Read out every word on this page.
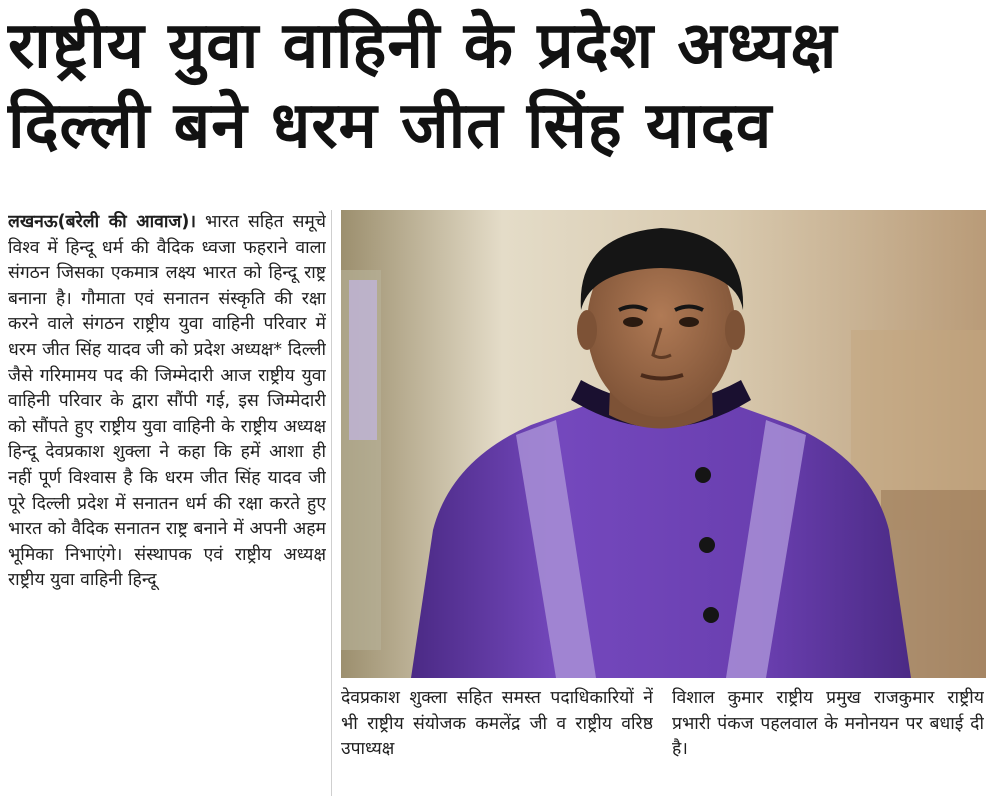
राष्ट्रीय युवा वाहिनी के प्रदेश अध्यक्ष
दिल्ली बने धरम जीत सिंह यादव
लखनऊ(बरेली की आवाज)। भारत सहित समूचे विश्व में हिन्दू धर्म की वैदिक ध्वजा फहराने वाला संगठन जिसका एकमात्र लक्ष्य भारत को हिन्दू राष्ट्र बनाना है। गौमाता एवं सनातन संस्कृति की रक्षा करने वाले संगठन राष्ट्रीय युवा वाहिनी परिवार में धरम जीत सिंह यादव जी को प्रदेश अध्यक्ष* दिल्ली जैसे गरिमामय पद की जिम्मेदारी आज राष्ट्रीय युवा वाहिनी परिवार के द्वारा सौंपी गई, इस जिम्मेदारी को सौंपते हुए राष्ट्रीय युवा वाहिनी के राष्ट्रीय अध्यक्ष हिन्दू देवप्रकाश शुक्ला ने कहा कि हमें आशा ही नहीं पूर्ण विश्वास है कि धरम जीत सिंह यादव जी पूरे दिल्ली प्रदेश में सनातन धर्म की रक्षा करते हुए भारत को वैदिक सनातन राष्ट्र बनाने में अपनी अहम भूमिका निभाएंगे। संस्थापक एवं राष्ट्रीय अध्यक्ष राष्ट्रीय युवा वाहिनी हिन्दू
देवप्रकाश शुक्ला सहित समस्त पदाधिकारियों नें भी राष्ट्रीय संयोजक कमलेंद्र जी व राष्ट्रीय वरिष्ठ उपाध्यक्ष
विशाल कुमार राष्ट्रीय प्रमुख राजकुमार राष्ट्रीय प्रभारी पंकज पहलवाल के मनोनयन पर बधाई दी है।
